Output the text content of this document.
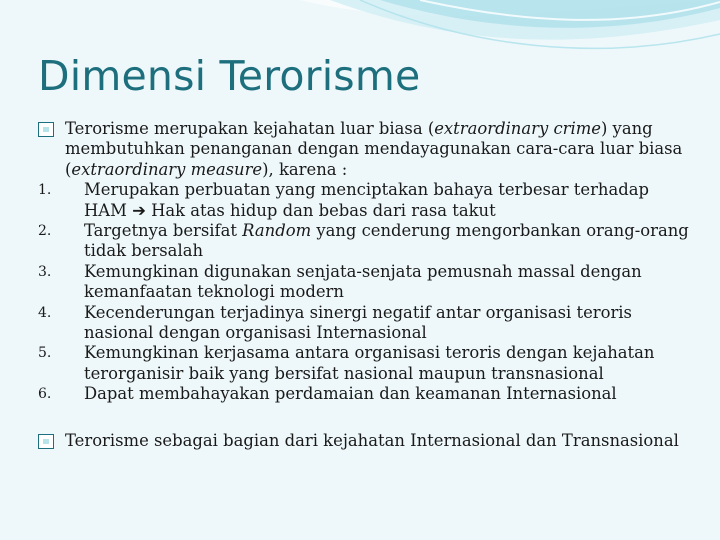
Dimensi Terorisme
Terorisme merupakan kejahatan luar biasa (extraordinary crime) yang membutuhkan penanganan dengan mendayagunakan cara-cara luar biasa (extraordinary measure), karena :
1. Merupakan perbuatan yang menciptakan bahaya terbesar terhadap HAM ➔ Hak atas hidup dan bebas dari rasa takut
2. Targetnya bersifat Random yang cenderung mengorbankan orang-orang tidak bersalah
3. Kemungkinan digunakan senjata-senjata pemusnah massal dengan kemanfaatan teknologi modern
4. Kecenderungan terjadinya sinergi negatif antar organisasi teroris nasional dengan organisasi Internasional
5. Kemungkinan kerjasama antara organisasi teroris dengan kejahatan terorganisir baik yang bersifat nasional maupun transnasional
6. Dapat membahayakan perdamaian dan keamanan Internasional
Terorisme sebagai bagian dari kejahatan Internasional dan Transnasional
